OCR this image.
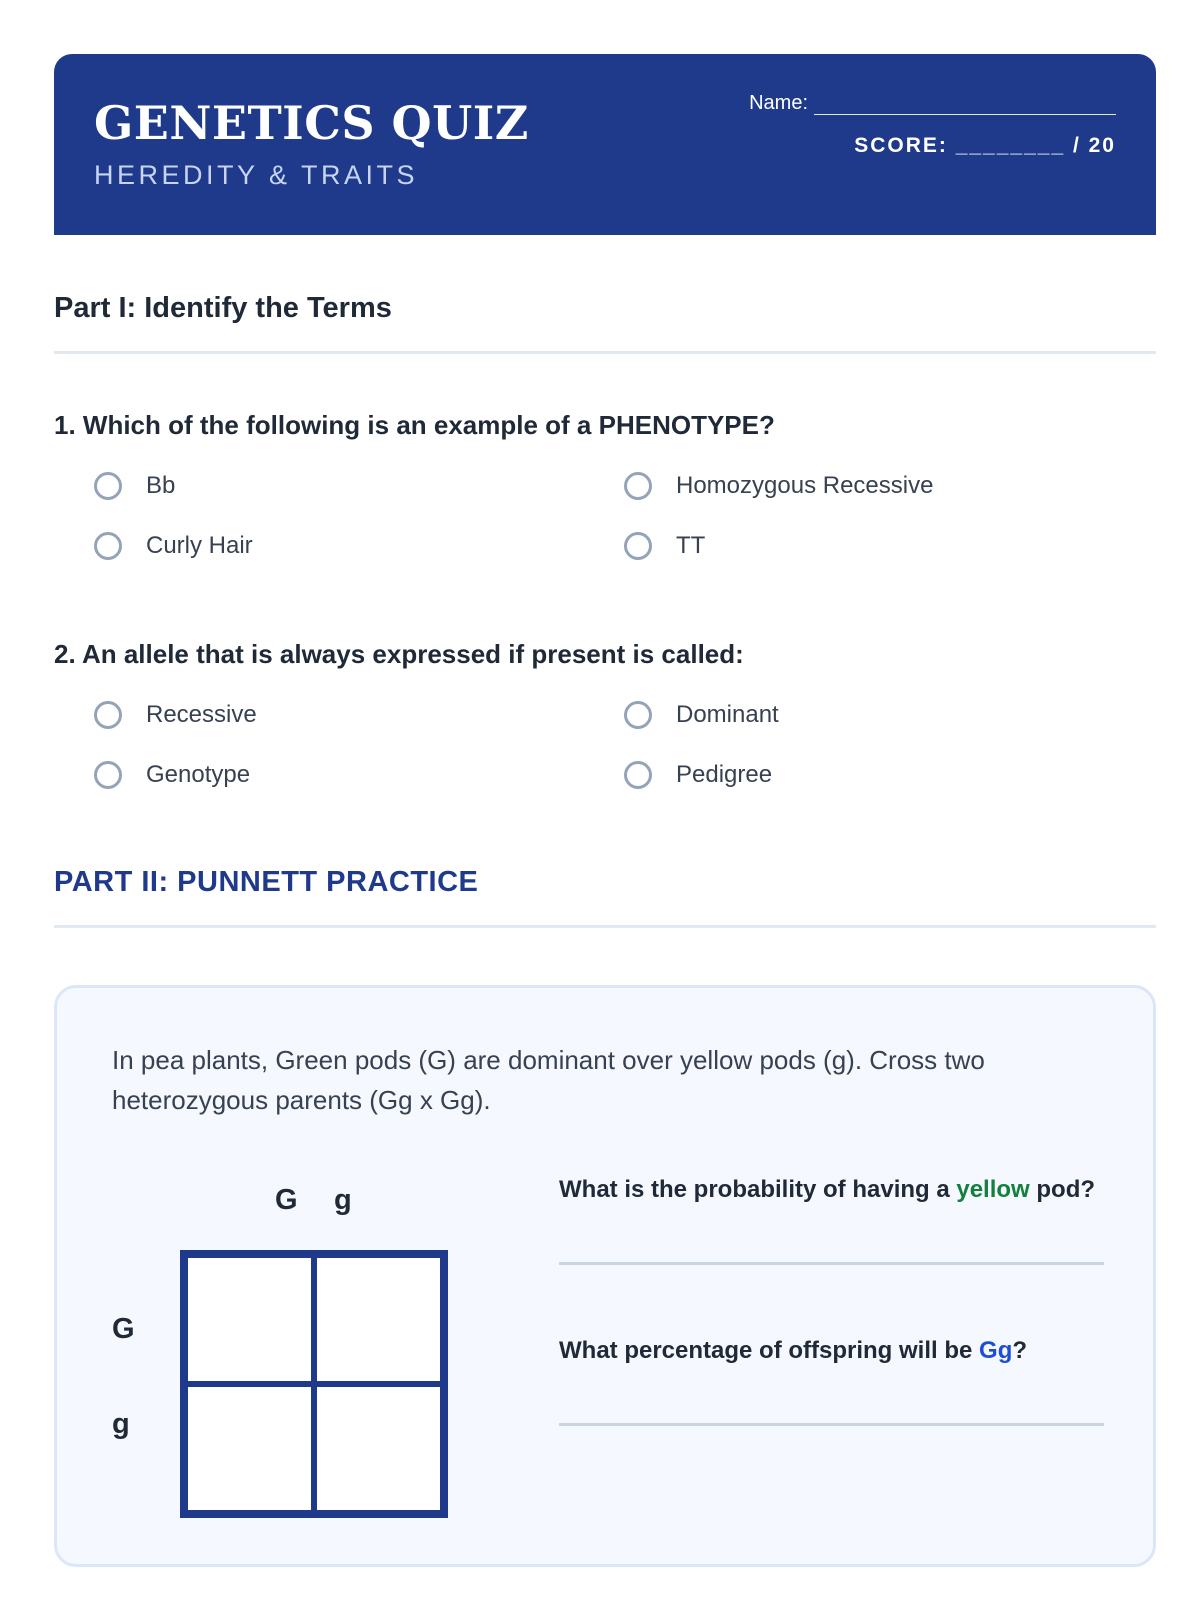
GENETICS QUIZ
HEREDITY & TRAITS
Name:
SCORE: ________ / 20
Part I: Identify the Terms

1. Which of the following is an example of a PHENOTYPE?

Bb	Homozygous Recessive
Curly Hair	TT

2. An allele that is always expressed if present is called:

Recessive	Dominant
Genotype	Pedigree
PART II: PUNNETT PRACTICE

In pea plants, Green pods (G) are dominant over yellow pods (g). Cross two heterozygous parents (Gg x Gg).

G g
G
g

What is the probability of having a yellow pod?

What percentage of offspring will be Gg?
